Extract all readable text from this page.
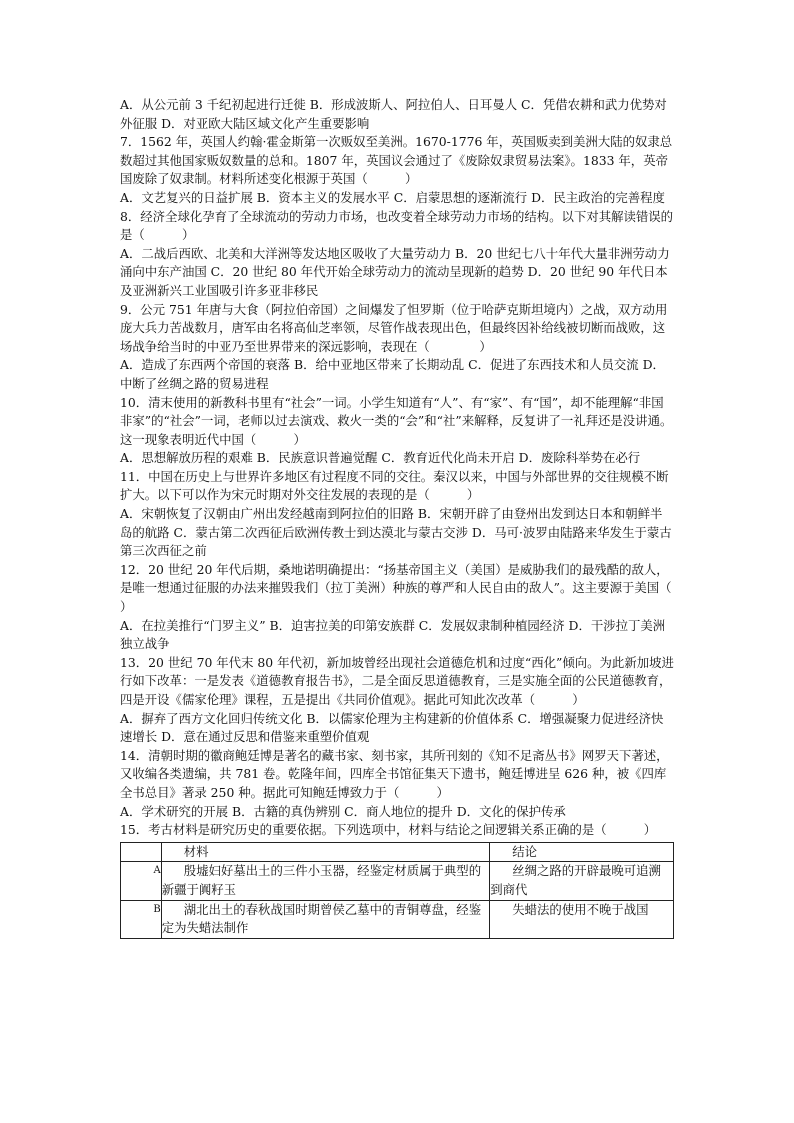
A．从公元前 3 千纪初起进行迁徙 B．形成波斯人、阿拉伯人、日耳曼人 C．凭借农耕和武力优势对外征服 D．对亚欧大陆区域文化产生重要影响

7．1562 年，英国人约翰·霍金斯第一次贩奴至美洲。1670-1776 年，英国贩卖到美洲大陆的奴隶总数超过其他国家贩奴数量的总和。1807 年，英国议会通过了《废除奴隶贸易法案》。1833 年，英帝国废除了奴隶制。材料所述变化根源于英国（　　　）

A．文艺复兴的日益扩展 B．资本主义的发展水平 C．启蒙思想的逐渐流行 D．民主政治的完善程度

8．经济全球化孕育了全球流动的劳动力市场，也改变着全球劳动力市场的结构。以下对其解读错误的是（　　　）

A．二战后西欧、北美和大洋洲等发达地区吸收了大量劳动力 B．20 世纪七八十年代大量非洲劳动力涌向中东产油国 C．20 世纪 80 年代开始全球劳动力的流动呈现新的趋势 D．20 世纪 90 年代日本及亚洲新兴工业国吸引许多亚非移民

9．公元 751 年唐与大食（阿拉伯帝国）之间爆发了怛罗斯（位于哈萨克斯坦境内）之战，双方动用庞大兵力苦战数月，唐军由名将高仙芝率领，尽管作战表现出色，但最终因补给线被切断而战败，这场战争给当时的中亚乃至世界带来的深远影响，表现在（　　　　）

A．造成了东西两个帝国的衰落 B．给中亚地区带来了长期动乱 C．促进了东西技术和人员交流 D．中断了丝绸之路的贸易进程

10．清末使用的新教科书里有“社会”一词。小学生知道有“人”、有“家”、有“国”，却不能理解“非国非家”的“社会”一词，老师以过去演戏、救火一类的“会”和“社”来解释，反复讲了一礼拜还是没讲通。这一现象表明近代中国（　　　）

A．思想解放历程的艰难 B．民族意识普遍觉醒 C．教育近代化尚未开启 D．废除科举势在必行

11．中国在历史上与世界许多地区有过程度不同的交往。秦汉以来，中国与外部世界的交往规模不断扩大。以下可以作为宋元时期对外交往发展的表现的是（　　　）

A．宋朝恢复了汉朝由广州出发经越南到阿拉伯的旧路 B．宋朝开辟了由登州出发到达日本和朝鲜半岛的航路 C．蒙古第二次西征后欧洲传教士到达漠北与蒙古交涉 D．马可·波罗由陆路来华发生于蒙古第三次西征之前

12．20 世纪 20 年代后期，桑地诺明确提出：“扬基帝国主义（美国）是威胁我们的最残酷的敌人，是唯一想通过征服的办法来摧毁我们（拉丁美洲）种族的尊严和人民自由的敌人”。这主要源于美国（　　　　）

A．在拉美推行“门罗主义” B．迫害拉美的印第安族群 C．发展奴隶制种植园经济 D．干涉拉丁美洲独立战争

13．20 世纪 70 年代末 80 年代初，新加坡曾经出现社会道德危机和过度“西化”倾向。为此新加坡进行如下改革：一是发表《道德教育报告书》，二是全面反思道德教育，三是实施全面的公民道德教育，四是开设《儒家伦理》课程，五是提出《共同价值观》。据此可知此次改革（　　　）

A．摒弃了西方文化回归传统文化 B．以儒家伦理为主构建新的价值体系 C．增强凝聚力促进经济快速增长 D．意在通过反思和借鉴来重塑价值观

14．清朝时期的徽商鲍廷博是著名的藏书家、刻书家，其所刊刻的《知不足斋丛书》网罗天下著述，又收编各类遗编，共 781 卷。乾隆年间，四库全书馆征集天下遗书，鲍廷博进呈 626 种，被《四库全书总目》著录 250 种。据此可知鲍廷博致力于（　　　）

A．学术研究的开展 B．古籍的真伪辨别 C．商人地位的提升 D．文化的保护传承

15．考古材料是研究历史的重要依据。下列选项中，材料与结论之间逻辑关系正确的是（　　　）

	材料	结论
A	殷墟妇好墓出土的三件小玉器，经鉴定材质属于典型的新疆于阗籽玉	丝绸之路的开辟最晚可追溯到商代
B	湖北出土的春秋战国时期曾侯乙墓中的青铜尊盘，经鉴定为失蜡法制作	失蜡法的使用不晚于战国
